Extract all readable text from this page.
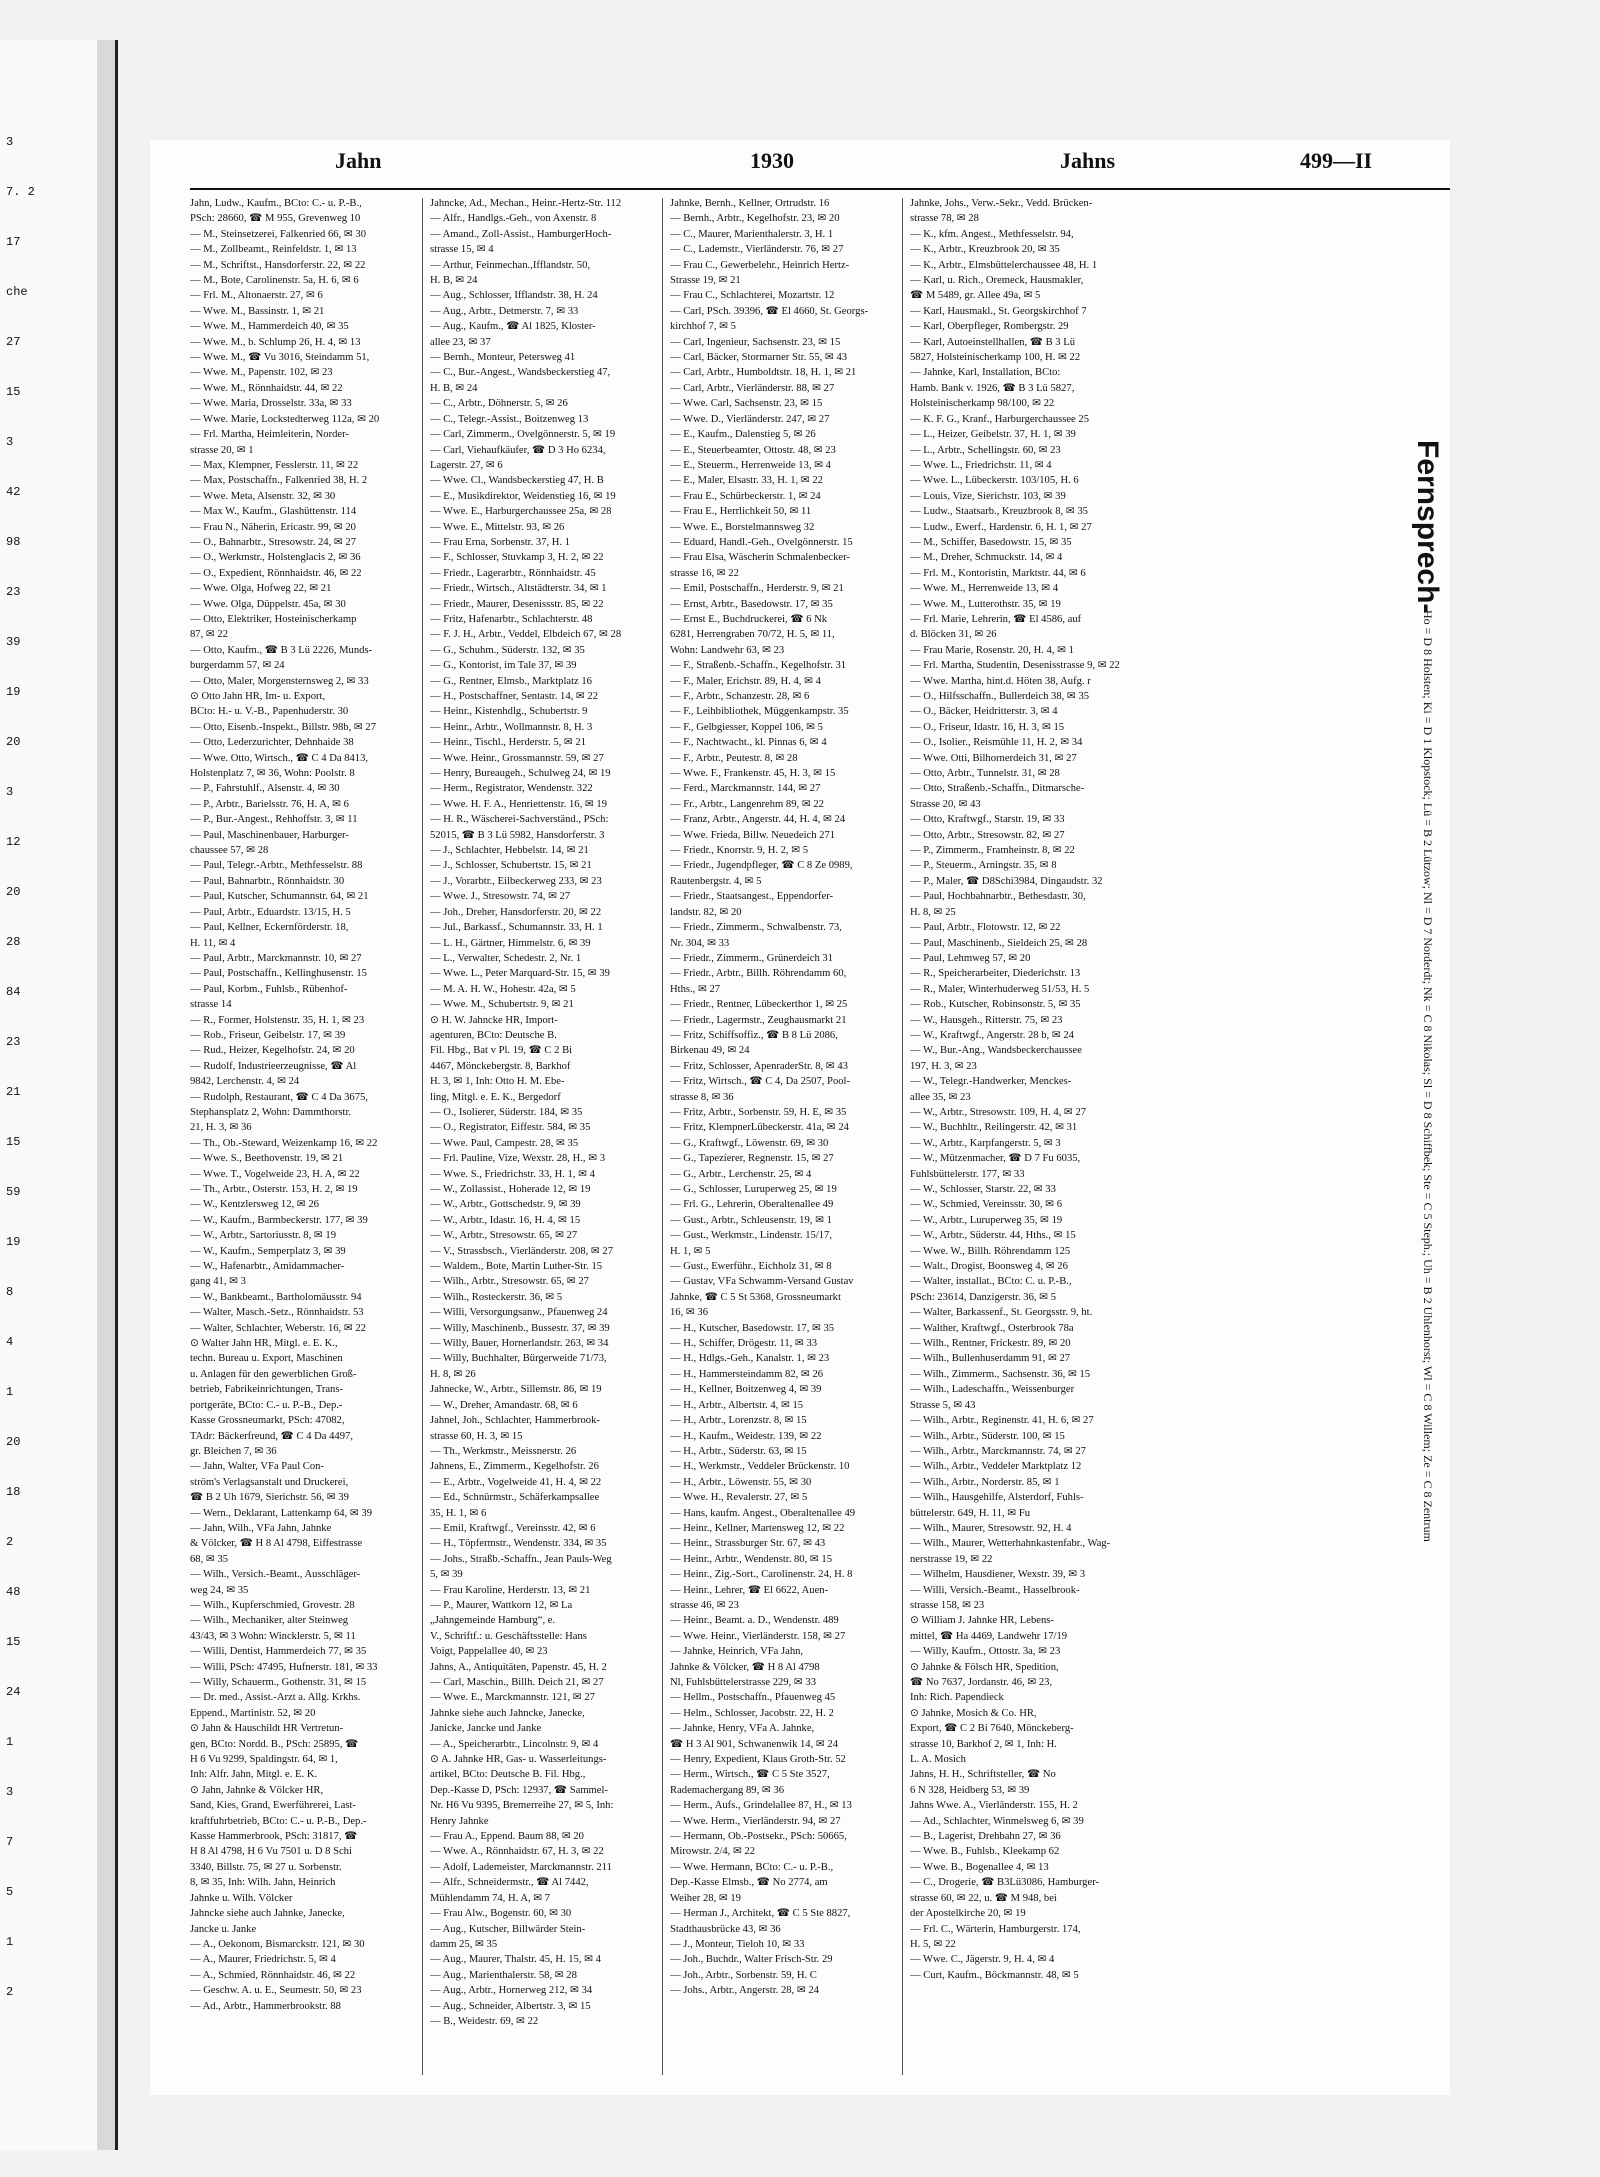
3
7. 2
17
che
27
15
3
42
98
23
39
19
20
3
12
20
28
84
23
21
15
59
19
8
4
1
20
18
2
48
15
24
1
3
7
5
1
2
Jahn	1930	Jahns	499—II
Jahn, Ludw., Kaufm., BCto: C.- u. P.-B.,
PSch: 28660, ☎ M 955, Grevenweg 10
— M., Steinsetzerei, Falkenried 66, ✉ 30
— M., Zollbeamt., Reinfeldstr. 1, ✉ 13
— M., Schriftst., Hansdorferstr. 22, ✉ 22
— M., Bote, Carolinenstr. 5a, H. 6, ✉ 6
— Frl. M., Altonaerstr. 27, ✉ 6
— Wwe. M., Bassinstr. 1, ✉ 21
— Wwe. M., Hammerdeich 40, ✉ 35
— Wwe. M., b. Schlump 26, H. 4, ✉ 13
— Wwe. M., ☎ Vu 3016, Steindamm 51,
— Wwe. M., Papenstr. 102, ✉ 23
— Wwe. M., Rönnhaidstr. 44, ✉ 22
— Wwe. Maria, Drosselstr. 33a, ✉ 33
— Wwe. Marie, Lockstedterweg 112a, ✉ 20
— Frl. Martha, Heimleiterin, Norder-
strasse 20, ✉ 1
— Max, Klempner, Fesslerstr. 11, ✉ 22
— Max, Postschaffn., Falkenried 38, H. 2
— Wwe. Meta, Alsenstr. 32, ✉ 30
— Max W., Kaufm., Glashüttenstr. 114
— Frau N., Näherin, Ericastr. 99, ✉ 20
— O., Bahnarbtr., Stresowstr. 24, ✉ 27
— O., Werkmstr., Holstenglacis 2, ✉ 36
— O., Expedient, Rönnhaidstr. 46, ✉ 22
— Wwe. Olga, Hofweg 22, ✉ 21
— Wwe. Olga, Düppelstr. 45a, ✉ 30
— Otto, Elektriker, Hosteinischerkamp
87, ✉ 22
— Otto, Kaufm., ☎ B 3 Lü 2226, Munds-
burgerdamm 57, ✉ 24
— Otto, Maler, Morgensternsweg 2, ✉ 33
⊙ Otto Jahn HR, Im- u. Export,
BCto: H.- u. V.-B., Papenhuderstr. 30
— Otto, Eisenb.-Inspekt., Billstr. 98b, ✉ 27
— Otto, Lederzurichter, Dehnhaide 38
— Wwe. Otto, Wirtsch., ☎ C 4 Da 8413,
Holstenplatz 7, ✉ 36, Wohn: Poolstr. 8
— P., Fahrstuhlf., Alsenstr. 4, ✉ 30
— P., Arbtr., Barielsstr. 76, H. A, ✉ 6
— P., Bur.-Angest., Rehhoffstr. 3, ✉ 11
— Paul, Maschinenbauer, Harburger-
chaussee 57, ✉ 28
— Paul, Telegr.-Arbtr., Methfesselstr. 88
— Paul, Bahnarbtr., Rönnhaidstr. 30
— Paul, Kutscher, Schumannstr. 64, ✉ 21
— Paul, Arbtr., Eduardstr. 13/15, H. 5
— Paul, Kellner, Eckernförderstr. 18,
H. 11, ✉ 4
— Paul, Arbtr., Marckmannstr. 10, ✉ 27
— Paul, Postschaffn., Kellinghusenstr. 15
— Paul, Korbm., Fuhlsb., Rübenhof-
strasse 14
— R., Former, Holstenstr. 35, H. 1, ✉ 23
— Rob., Friseur, Geibelstr. 17, ✉ 39
— Rud., Heizer, Kegelhofstr. 24, ✉ 20
— Rudolf, Industrieerzeugnisse, ☎ Al
9842, Lerchenstr. 4, ✉ 24
— Rudolph, Restaurant, ☎ C 4 Da 3675,
Stephansplatz 2, Wohn: Dammthorstr.
21, H. 3, ✉ 36
— Th., Ob.-Steward, Weizenkamp 16, ✉ 22
— Wwe. S., Beethovenstr. 19, ✉ 21
— Wwe. T., Vogelweide 23, H. A, ✉ 22
— Th., Arbtr., Osterstr. 153, H. 2, ✉ 19
— W., Kentzlersweg 12, ✉ 26
— W., Kaufm., Barmbeckerstr. 177, ✉ 39
— W., Arbtr., Sartoriusstr. 8, ✉ 19
— W., Kaufm., Semperplatz 3, ✉ 39
— W., Hafenarbtr., Amidammacher-
gang 41, ✉ 3
— W., Bankbeamt., Bartholomäusstr. 94
— Walter, Masch.-Setz., Rönnhaidstr. 53
— Walter, Schlachter, Weberstr. 16, ✉ 22
⊙ Walter Jahn HR, Mitgl. e. E. K.,
techn. Bureau u. Export, Maschinen
u. Anlagen für den gewerblichen Groß-
betrieb, Fabrikeinrichtungen, Trans-
portgeräte, BCto: C.- u. P.-B., Dep.-
Kasse Grossneumarkt, PSch: 47082,
TAdr: Bäckerfreund, ☎ C 4 Da 4497,
gr. Bleichen 7, ✉ 36
— Jahn, Walter, VFa Paul Con-
ström's Verlagsanstalt und Druckerei,
☎ B 2 Uh 1679, Sierichstr. 56, ✉ 39
— Wern., Deklarant, Lattenkamp 64, ✉ 39
— Jahn, Wilh., VFa Jahn, Jahnke
& Völcker, ☎ H 8 Al 4798, Eiffestrasse
68, ✉ 35
— Wilh., Versich.-Beamt., Ausschläger-
weg 24, ✉ 35
— Wilh., Kupferschmied, Grovestr. 28
— Wilh., Mechaniker, alter Steinweg
43/43, ✉ 3 Wohn: Wincklerstr. 5, ✉ 11
— Willi, Dentist, Hammerdeich 77, ✉ 35
— Willi, PSch: 47495, Hufnerstr. 181, ✉ 33
— Willy, Schauerm., Gothenstr. 31, ✉ 15
— Dr. med., Assist.-Arzt a. Allg. Krkhs.
Eppend., Martinistr. 52, ✉ 20
⊙ Jahn & Hauschildt HR Vertretun-
gen, BCto: Nordd. B., PSch: 25895, ☎
H 6 Vu 9299, Spaldingstr. 64, ✉ 1,
Inh: Alfr. Jahn, Mitgl. e. E. K.
⊙ Jahn, Jahnke & Völcker HR,
Sand, Kies, Grand, Ewerführerei, Last-
kraftfuhrbetrieb, BCto: C.- u. P.-B., Dep.-
Kasse Hammerbrook, PSch: 31817, ☎
H 8 Al 4798, H 6 Vu 7501 u. D 8 Schi
3340, Billstr. 75, ✉ 27 u. Sorbenstr.
8, ✉ 35, Inh: Wilh. Jahn, Heinrich
Jahnke u. Wilh. Völcker
Jahncke siehe auch Jahnke, Janecke,
Jancke u. Janke
— A., Oekonom, Bismarckstr. 121, ✉ 30
— A., Maurer, Friedrichstr. 5, ✉ 4
— A., Schmied, Rönnhaidstr. 46, ✉ 22
— Geschw. A. u. E., Seumestr. 50, ✉ 23
— Ad., Arbtr., Hammerbrookstr. 88
Jahncke, Ad., Mechan., Heinr.-Hertz-Str. 112
— Alfr., Handlgs.-Geh., von Axenstr. 8
— Amand., Zoll-Assist., HamburgerHoch-
strasse 15, ✉ 4
— Arthur, Feinmechan.,Ifflandstr. 50,
H. B, ✉ 24
— Aug., Schlosser, Ifflandstr. 38, H. 24
— Aug., Arbtr., Detmerstr. 7, ✉ 33
— Aug., Kaufm., ☎ Al 1825, Kloster-
allee 23, ✉ 37
— Bernh., Monteur, Petersweg 41
— C., Bur.-Angest., Wandsbeckerstieg 47,
H. B, ✉ 24
— C., Arbtr., Döhnerstr. 5, ✉ 26
— C., Telegr.-Assist., Boitzenweg 13
— Carl, Zimmerm., Ovelgönnerstr. 5, ✉ 19
— Carl, Viehaufkäufer, ☎ D 3 Ho 6234,
Lagerstr. 27, ✉ 6
— Wwe. Cl., Wandsbeckerstieg 47, H. B
— E., Musikdirektor, Weidenstieg 16, ✉ 19
— Wwe. E., Harburgerchaussee 25a, ✉ 28
— Wwe. E., Mittelstr. 93, ✉ 26
— Frau Erna, Sorbenstr. 37, H. 1
— F., Schlosser, Stuvkamp 3, H. 2, ✉ 22
— Friedr., Lagerarbtr., Rönnhaidstr. 45
— Friedr., Wirtsch., Altstädterstr. 34, ✉ 1
— Friedr., Maurer, Desenissstr. 85, ✉ 22
— Fritz, Hafenarbtr., Schlachterstr. 48
— F. J. H., Arbtr., Veddel, Elbdeich 67, ✉ 28
— G., Schuhm., Süderstr. 132, ✉ 35
— G., Kontorist, im Tale 37, ✉ 39
— G., Rentner, Elmsb., Marktplatz 16
— H., Postschaffner, Sentastr. 14, ✉ 22
— Heinr., Kistenhdlg., Schubertstr. 9
— Heinr., Arbtr., Wollmannstr. 8, H. 3
— Heinr., Tischl., Herderstr. 5, ✉ 21
— Wwe. Heinr., Grossmannstr. 59, ✉ 27
— Henry, Bureaugeh., Schulweg 24, ✉ 19
— Herm., Registrator, Wendenstr. 322
— Wwe. H. F. A., Henriettenstr. 16, ✉ 19
— H. R., Wäscherei-Sachverständ., PSch:
52015, ☎ B 3 Lü 5982, Hansdorferstr. 3
— J., Schlachter, Hebbelstr. 14, ✉ 21
— J., Schlosser, Schubertstr. 15, ✉ 21
— J., Vorarbtr., Eilbeckerweg 233, ✉ 23
— Wwe. J., Stresowstr. 74, ✉ 27
— Joh., Dreher, Hansdorferstr. 20, ✉ 22
— Jul., Barkassf., Schumannstr. 33, H. 1
— L. H., Gärtner, Himmelstr. 6, ✉ 39
— L., Verwalter, Schedestr. 2, Nr. 1
— Wwe. L., Peter Marquard-Str. 15, ✉ 39
— M. A. H. W., Hohestr. 42a, ✉ 5
— Wwe. M., Schubertstr. 9, ✉ 21
⊙ H. W. Jahncke HR, Import-
agenturen, BCto: Deutsche B.
Fil. Hbg., Bat v Pl. 19, ☎ C 2 Bi
4467, Mönckebergstr. 8, Barkhof
H. 3, ✉ 1, Inh: Otto H. M. Ebe-
ling, Mitgl. e. E. K., Bergedorf
— O., Isolierer, Süderstr. 184, ✉ 35
— O., Registrator, Eiffestr. 584, ✉ 35
— Wwe. Paul, Campestr. 28, ✉ 35
— Frl. Pauline, Vize, Wexstr. 28, H., ✉ 3
— Wwe. S., Friedrichstr. 33, H. 1, ✉ 4
— W., Zollassist., Hoherade 12, ✉ 19
— W., Arbtr., Gottschedstr. 9, ✉ 39
— W., Arbtr., Idastr. 16, H. 4, ✉ 15
— W., Arbtr., Stresowstr. 65, ✉ 27
— V., Strassbsch., Vierländerstr. 208, ✉ 27
— Waldem., Bote, Martin Luther-Str. 15
— Wilh., Arbtr., Stresowstr. 65, ✉ 27
— Wilh., Rosteckerstr. 36, ✉ 5
— Willi, Versorgungsanw., Pfauenweg 24
— Willy, Maschinenb., Bussestr. 37, ✉ 39
— Willy, Bauer, Hornerlandstr. 263, ✉ 34
— Willy, Buchhalter, Bürgerweide 71/73,
H. 8, ✉ 26
Jahnecke, W., Arbtr., Sillemstr. 86, ✉ 19
— W., Dreher, Amandastr. 68, ✉ 6
Jahnel, Joh., Schlachter, Hammerbrook-
strasse 60, H. 3, ✉ 15
— Th., Werkmstr., Meissnerstr. 26
Jahnens, E., Zimmerm., Kegelhofstr. 26
— E., Arbtr., Vogelweide 41, H. 4, ✉ 22
— Ed., Schnürmstr., Schäferkampsallee
35, H. 1, ✉ 6
— Emil, Kraftwgf., Vereinsstr. 42, ✉ 6
— H., Töpfermstr., Wendenstr. 334, ✉ 35
— Johs., Straßb.-Schaffn., Jean Pauls-Weg
5, ✉ 39
— Frau Karoline, Herderstr. 13, ✉ 21
— P., Maurer, Wattkorn 12, ✉ La
„Jahngemeinde Hamburg“, e.
V., Schriftf.: u. Geschäftsstelle: Hans
Voigt, Pappelallee 40, ✉ 23
Jahns, A., Antiquitäten, Papenstr. 45, H. 2
— Carl, Maschin., Billh. Deich 21, ✉ 27
— Wwe. E., Marckmannstr. 121, ✉ 27
Jahnke siehe auch Jahncke, Janecke,
Janicke, Jancke und Janke
— A., Speicherarbtr., Lincolnstr. 9, ✉ 4
⊙ A. Jahnke HR, Gas- u. Wasserleitungs-
artikel, BCto: Deutsche B. Fil. Hbg.,
Dep.-Kasse D, PSch: 12937, ☎ Sammel-
Nr. H6 Vu 9395, Bremerreihe 27, ✉ 5, Inh:
Henry Jahnke
— Frau A., Eppend. Baum 88, ✉ 20
— Wwe. A., Rönnhaidstr. 67, H. 3, ✉ 22
— Adolf, Lademeister, Marckmannstr. 211
— Alfr., Schneidermstr., ☎ Al 7442,
Mühlendamm 74, H. A, ✉ 7
— Frau Alw., Bogenstr. 60, ✉ 30
— Aug., Kutscher, Billwärder Stein-
damm 25, ✉ 35
— Aug., Maurer, Thalstr. 45, H. 15, ✉ 4
— Aug., Marienthalerstr. 58, ✉ 28
— Aug., Arbtr., Hornerweg 212, ✉ 34
— Aug., Schneider, Albertstr. 3, ✉ 15
— B., Weidestr. 69, ✉ 22
Jahnke, Bernh., Kellner, Ortrudstr. 16
— Bernh., Arbtr., Kegelhofstr. 23, ✉ 20
— C., Maurer, Marienthalerstr. 3, H. 1
— C., Lademstr., Vierländerstr. 76, ✉ 27
— Frau C., Gewerbelehr., Heinrich Hertz-
Strasse 19, ✉ 21
— Frau C., Schlachterei, Mozartstr. 12
— Carl, PSch. 39396, ☎ El 4660, St. Georgs-
kirchhof 7, ✉ 5
— Carl, Ingenieur, Sachsenstr. 23, ✉ 15
— Carl, Bäcker, Stormarner Str. 55, ✉ 43
— Carl, Arbtr., Humboldtstr. 18, H. 1, ✉ 21
— Carl, Arbtr., Vierländerstr. 88, ✉ 27
— Wwe. Carl, Sachsenstr. 23, ✉ 15
— Wwe. D., Vierländerstr. 247, ✉ 27
— E., Kaufm., Dalenstieg 5, ✉ 26
— E., Steuerbeamter, Ottostr. 48, ✉ 23
— E., Steuerm., Herrenweide 13, ✉ 4
— E., Maler, Elsastr. 33, H. 1, ✉ 22
— Frau E., Schürbeckerstr. 1, ✉ 24
— Frau E., Herrlichkeit 50, ✉ 11
— Wwe. E., Borstelmannsweg 32
— Eduard, Handl.-Geh., Ovelgönnerstr. 15
— Frau Elsa, Wäscherin Schmalenbecker-
strasse 16, ✉ 22
— Emil, Postschaffn., Herderstr. 9, ✉ 21
— Ernst, Arbtr., Basedowstr. 17, ✉ 35
— Ernst E., Buchdruckerei, ☎ 6 Nk
6281, Herrengraben 70/72, H. 5, ✉ 11,
Wohn: Landwehr 63, ✉ 23
— F., Straßenb.-Schaffn., Kegelhofstr. 31
— F., Maler, Erichstr. 89, H. 4, ✉ 4
— F., Arbtr., Schanzestr. 28, ✉ 6
— F., Leihbibliothek, Müggenkampstr. 35
— F., Gelbgiesser, Koppel 106, ✉ 5
— F., Nachtwacht., kl. Pinnas 6, ✉ 4
— F., Arbtr., Peutestr. 8, ✉ 28
— Wwe. F., Frankenstr. 45, H. 3, ✉ 15
— Ferd., Marckmannstr. 144, ✉ 27
— Fr., Arbtr., Langenrehm 89, ✉ 22
— Franz, Arbtr., Angerstr. 44, H. 4, ✉ 24
— Wwe. Frieda, Billw. Neuedeich 271
— Friedr., Knorrstr. 9, H. 2, ✉ 5
— Friedr., Jugendpfleger, ☎ C 8 Ze 0989,
Rautenbergstr. 4, ✉ 5
— Friedr., Staatsangest., Eppendorfer-
landstr. 82, ✉ 20
— Friedr., Zimmerm., Schwalbenstr. 73,
Nr. 304, ✉ 33
— Friedr., Zimmerm., Grünerdeich 31
— Friedr., Arbtr., Billh. Röhrendamm 60,
Hths., ✉ 27
— Friedr., Rentner, Lübeckerthor 1, ✉ 25
— Friedr., Lagermstr., Zeughausmarkt 21
— Fritz, Schiffsoffiz., ☎ B 8 Lü 2086,
Birkenau 49, ✉ 24
— Fritz, Schlosser, ApenraderStr. 8, ✉ 43
— Fritz, Wirtsch., ☎ C 4, Da 2507, Pool-
strasse 8, ✉ 36
— Fritz, Arbtr., Sorbenstr. 59, H. E, ✉ 35
— Fritz, KlempnerLübeckerstr. 41a, ✉ 24
— G., Kraftwgf., Löwenstr. 69, ✉ 30
— G., Tapezierer, Regnenstr. 15, ✉ 27
— G., Arbtr., Lerchenstr. 25, ✉ 4
— G., Schlosser, Luruperweg 25, ✉ 19
— Frl. G., Lehrerin, Oberaltenallee 49
— Gust., Arbtr., Schleusenstr. 19, ✉ 1
— Gust., Werkmstr., Lindenstr. 15/17,
H. 1, ✉ 5
— Gust., Ewerführ., Eichholz 31, ✉ 8
— Gustav, VFa Schwamm-Versand Gustav
Jahnke, ☎ C 5 St 5368, Grossneumarkt
16, ✉ 36
— H., Kutscher, Basedowstr. 17, ✉ 35
— H., Schiffer, Drögestr. 11, ✉ 33
— H., Hdlgs.-Geh., Kanalstr. 1, ✉ 23
— H., Hammersteindamm 82, ✉ 26
— H., Kellner, Boitzenweg 4, ✉ 39
— H., Arbtr., Albertstr. 4, ✉ 15
— H., Arbtr., Lorenzstr. 8, ✉ 15
— H., Kaufm., Weidestr. 139, ✉ 22
— H., Arbtr., Süderstr. 63, ✉ 15
— H., Werkmstr., Veddeler Brückenstr. 10
— H., Arbtr., Löwenstr. 55, ✉ 30
— Wwe. H., Revalerstr. 27, ✉ 5
— Hans, kaufm. Angest., Oberaltenallee 49
— Heinr., Kellner, Martensweg 12, ✉ 22
— Heinr., Strassburger Str. 67, ✉ 43
— Heinr., Arbtr., Wendenstr. 80, ✉ 15
— Heinr., Zig.-Sort., Carolinenstr. 24, H. 8
— Heinr., Lehrer, ☎ El 6622, Auen-
strasse 46, ✉ 23
— Heinr., Beamt. a. D., Wendenstr. 489
— Wwe. Heinr., Vierländerstr. 158, ✉ 27
— Jahnke, Heinrich, VFa Jahn,
Jahnke & Völcker, ☎ H 8 Al 4798
Nl, Fuhlsbüttelerstrasse 229, ✉ 33
— Hellm., Postschaffn., Pfauenweg 45
— Helm., Schlosser, Jacobstr. 22, H. 2
— Jahnke, Henry, VFa A. Jahnke,
☎ H 3 Al 901, Schwanenwik 14, ✉ 24
— Henry, Expedient, Klaus Groth-Str. 52
— Herm., Wirtsch., ☎ C 5 Ste 3527,
Rademachergang 89, ✉ 36
— Herm., Aufs., Grindelallee 87, H., ✉ 13
— Wwe. Herm., Vierländerstr. 94, ✉ 27
— Hermann, Ob.-Postsekr., PSch: 50665,
Mirowstr. 2/4, ✉ 22
— Wwe. Hermann, BCto: C.- u. P.-B.,
Dep.-Kasse Elmsb., ☎ No 2774, am
Weiher 28, ✉ 19
— Herman J., Architekt, ☎ C 5 Ste 8827,
Stadthausbrücke 43, ✉ 36
— J., Monteur, Tieloh 10, ✉ 33
— Joh., Buchdr., Walter Frisch-Str. 29
— Joh., Arbtr., Sorbenstr. 59, H. C
— Johs., Arbtr., Angerstr. 28, ✉ 24
Jahnke, Johs., Verw.-Sekr., Vedd. Brücken-
strasse 78, ✉ 28
— K., kfm. Angest., Methfesselstr. 94,
— K., Arbtr., Kreuzbrook 20, ✉ 35
— K., Arbtr., Elmsbüttelerchaussee 48, H. 1
— Karl, u. Rich., Oremeck, Hausmakler,
☎ M 5489, gr. Allee 49a, ✉ 5
— Karl, Hausmakl., St. Georgskirchhof 7
— Karl, Oberpfleger, Rombergstr. 29
— Karl, Autoeinstellhallen, ☎ B 3 Lü
5827, Holsteinischerkamp 100, H. ✉ 22
— Jahnke, Karl, Installation, BCto:
Hamb. Bank v. 1926, ☎ B 3 Lü 5827,
Holsteinischerkamp 98/100, ✉ 22
— K. F. G., Kranf., Harburgerchaussee 25
— L., Heizer, Geibelstr. 37, H. 1, ✉ 39
— L., Arbtr., Schellingstr. 60, ✉ 23
— Wwe. L., Friedrichstr. 11, ✉ 4
— Wwe. L., Lübeckerstr. 103/105, H. 6
— Louis, Vize, Sierichstr. 103, ✉ 39
— Ludw., Staatsarb., Kreuzbrook 8, ✉ 35
— Ludw., Ewerf., Hardenstr. 6, H. 1, ✉ 27
— M., Schiffer, Basedowstr. 15, ✉ 35
— M., Dreher, Schmuckstr. 14, ✉ 4
— Frl. M., Kontoristin, Marktstr. 44, ✉ 6
— Wwe. M., Herrenweide 13, ✉ 4
— Wwe. M., Lutterothstr. 35, ✉ 19
— Frl. Marie, Lehrerin, ☎ El 4586, auf
d. Blöcken 31, ✉ 26
— Frau Marie, Rosenstr. 20, H. 4, ✉ 1
— Frl. Martha, Studentin, Desenisstrasse 9, ✉ 22
— Wwe. Martha, hint.d. Höten 38, Aufg. r
— O., Hilfsschaffn., Bullerdeich 38, ✉ 35
— O., Bäcker, Heidritterstr. 3, ✉ 4
— O., Friseur, Idastr. 16, H. 3, ✉ 15
— O., Isolier., Reismühle 11, H. 2, ✉ 34
— Wwe. Otti, Bilhornerdeich 31, ✉ 27
— Otto, Arbtr., Tunnelstr. 31, ✉ 28
— Otto, Straßenb.-Schaffn., Ditmarsche-
Strasse 20, ✉ 43
— Otto, Kraftwgf., Starstr. 19, ✉ 33
— Otto, Arbtr., Stresowstr. 82, ✉ 27
— P., Zimmerm., Framheinstr. 8, ✉ 22
— P., Steuerm., Arningstr. 35, ✉ 8
— P., Maler, ☎ D8Schi3984, Dingaudstr. 32
— Paul, Hochbahnarbtr., Bethesdastr. 30,
H. 8, ✉ 25
— Paul, Arbtr., Flotowstr. 12, ✉ 22
— Paul, Maschinenb., Sieldeich 25, ✉ 28
— Paul, Lehmweg 57, ✉ 20
— R., Speicherarbeiter, Diederichstr. 13
— R., Maler, Winterhuderweg 51/53, H. 5
— Rob., Kutscher, Robinsonstr. 5, ✉ 35
— W., Hausgeh., Ritterstr. 75, ✉ 23
— W., Kraftwgf., Angerstr. 28 b, ✉ 24
— W., Bur.-Ang., Wandsbeckerchaussee
197, H. 3, ✉ 23
— W., Telegr.-Handwerker, Menckes-
allee 35, ✉ 23
— W., Arbtr., Stresowstr. 109, H. 4, ✉ 27
— W., Buchhltr., Reilingerstr. 42, ✉ 31
— W., Arbtr., Karpfangerstr. 5, ✉ 3
— W., Mützenmacher, ☎ D 7 Fu 6035,
Fuhlsbüttelerstr. 177, ✉ 33
— W., Schlosser, Starstr. 22, ✉ 33
— W., Schmied, Vereinsstr. 30, ✉ 6
— W., Arbtr., Luruperweg 35, ✉ 19
— W., Arbtr., Süderstr. 44, Hths., ✉ 15
— Wwe. W., Billh. Röhrendamm 125
— Walt., Drogist, Boonsweg 4, ✉ 26
— Walter, installat., BCto: C. u. P.-B.,
PSch: 23614, Danzigerstr. 36, ✉ 5
— Walter, Barkassenf., St. Georgsstr. 9, ht.
— Walther, Kraftwgf., Osterbrook 78a
— Wilh., Rentner, Frickestr. 89, ✉ 20
— Wilh., Bullenhuserdamm 91, ✉ 27
— Wilh., Zimmerm., Sachsenstr. 36, ✉ 15
— Wilh., Ladeschaffn., Weissenburger
Strasse 5, ✉ 43
— Wilh., Arbtr., Reginenstr. 41, H. 6, ✉ 27
— Wilh., Arbtr., Süderstr. 100, ✉ 15
— Wilh., Arbtr., Marckmannstr. 74, ✉ 27
— Wilh., Arbtr., Veddeler Marktplatz 12
— Wilh., Arbtr., Norderstr. 85, ✉ 1
— Wilh., Hausgehilfe, Alsterdorf, Fuhls-
büttelerstr. 649, H. 11, ✉ Fu
— Wilh., Maurer, Stresowstr. 92, H. 4
— Wilh., Maurer, Wetterhahnkastenfabr., Wag-
nerstrasse 19, ✉ 22
— Wilhelm, Hausdiener, Wexstr. 39, ✉ 3
— Willi, Versich.-Beamt., Hasselbrook-
strasse 158, ✉ 23
⊙ William J. Jahnke HR, Lebens-
mittel, ☎ Ha 4469, Landwehr 17/19
— Willy, Kaufm., Ottostr. 3a, ✉ 23
⊙ Jahnke & Fölsch HR, Spedition,
☎ No 7637, Jordanstr. 46, ✉ 23,
Inh: Rich. Papendieck
⊙ Jahnke, Mosich & Co. HR,
Export, ☎ C 2 Bi 7640, Mönckeberg-
strasse 10, Barkhof 2, ✉ 1, Inh: H.
L. A. Mosich
Jahns, H. H., Schriftsteller, ☎ No
6 N 328, Heidberg 53, ✉ 39
Jahns Wwe. A., Vierländerstr. 155, H. 2
— Ad., Schlachter, Winmelsweg 6, ✉ 39
— B., Lagerist, Drehbahn 27, ✉ 36
— Wwe. B., Fuhlsb., Kleekamp 62
— Wwe. B., Bogenallee 4, ✉ 13
— C., Drogerie, ☎ B3Lü3086, Hamburger-
strasse 60, ✉ 22, u. ☎ M 948, bei
der Apostelkirche 20, ✉ 19
— Frl. C., Wärterin, Hamburgerstr. 174,
H. 5, ✉ 22
— Wwe. C., Jägerstr. 9, H. 4, ✉ 4
— Curt, Kaufm., Böckmannstr. 48, ✉ 5
Fernsprech-
Ho = D 8 Holsten; Ki = D 1 Klopstock; Lü = B 2 Lützow; Nl = D 7 Norderdt; Nk = C 8 Nikolas; Sl = D 8 Schiffbek; Ste = C 5 Steph.; Uh = B 2 Uhlenhorst; Wl = C 8 Willem; Ze = C 8 Zentrum
